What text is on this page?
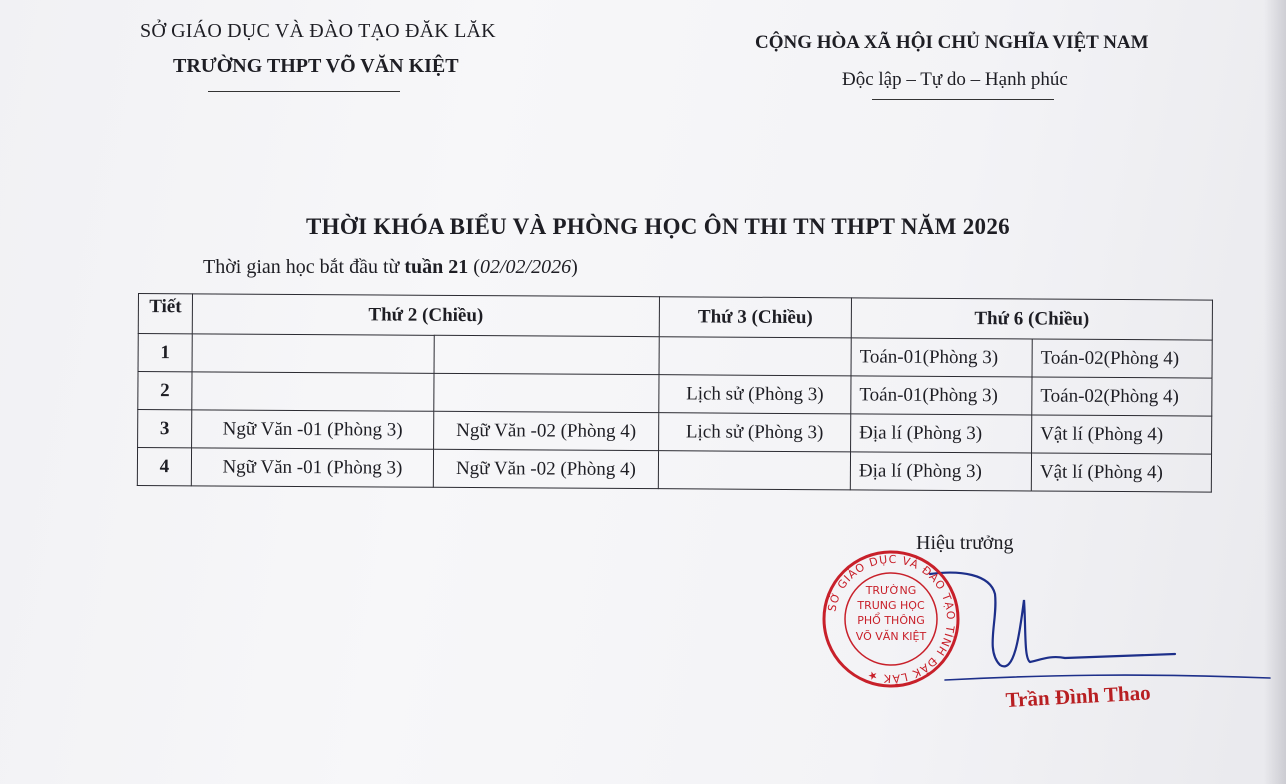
SỞ GIÁO DỤC VÀ ĐÀO TẠO ĐĂK LĂK
TRƯỜNG THPT VÕ VĂN KIỆT
CỘNG HÒA XÃ HỘI CHỦ NGHĨA VIỆT NAM
Độc lập – Tự do – Hạnh phúc
THỜI KHÓA BIỂU VÀ PHÒNG HỌC ÔN THI TN THPT NĂM 2026
Thời gian học bắt đầu từ tuần 21 (02/02/2026)
Tiết	Thứ 2 (Chiều)		Thứ 3 (Chiều)	Thứ 6 (Chiều)	
1				Toán-01(Phòng 3)	Toán-02(Phòng 4)
2			Lịch sử (Phòng 3)	Toán-01(Phòng 3)	Toán-02(Phòng 4)
3	Ngữ Văn -01 (Phòng 3)	Ngữ Văn -02 (Phòng 4)	Lịch sử (Phòng 3)	Địa lí (Phòng 3)	Vật lí (Phòng 4)
4	Ngữ Văn -01 (Phòng 3)	Ngữ Văn -02 (Phòng 4)		Địa lí (Phòng 3)	Vật lí (Phòng 4)
Hiệu trưởng
SỞ GIÁO DỤC VÀ ĐÀO TẠO TỈNH ĐĂK LĂK ★
TRƯỜNG
TRUNG HỌC
PHỔ THÔNG
VÕ VĂN KIỆT
Trần Đình Thao
